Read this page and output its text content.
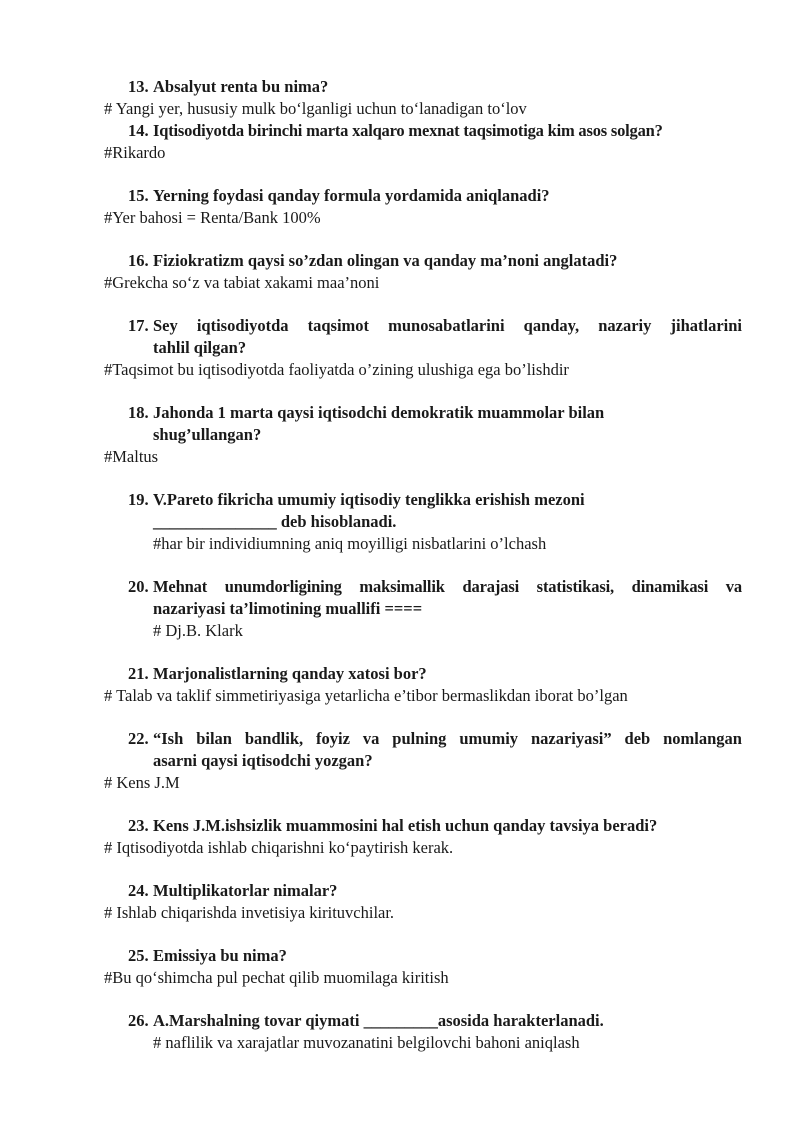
13. Absalyut renta bu nima?
# Yangi yer, hususiy mulk bo‘lganligi uchun to‘lanadigan to‘lov
14. Iqtisodiyotda birinchi marta xalqaro mexnat taqsimotiga kim asos solgan?
#Rikardo
15. Yerning foydasi qanday formula yordamida aniqlanadi?
#Yer bahosi = Renta/Bank 100%
16. Fiziokratizm qaysi so’zdan olingan va qanday ma’noni anglatadi?
#Grekcha so‘z va tabiat xakami maa’noni
17. Sey iqtisodiyotda taqsimot munosabatlarini qanday, nazariy jihatlarini
tahlil qilgan?
#Taqsimot bu iqtisodiyotda faoliyatda o’zining ulushiga ega bo’lishdir
18. Jahonda 1 marta qaysi iqtisodchi demokratik muammolar bilan
shug’ullangan?
#Maltus
19. V.Pareto fikricha umumiy iqtisodiy tenglikka erishish mezoni
_______________ deb hisoblanadi.
#har bir individiumning aniq moyilligi nisbatlarini o’lchash
20. Mehnat unumdorligining maksimallik darajasi statistikasi, dinamikasi va
nazariyasi ta’limotining muallifi ====
# Dj.B. Klark
21. Marjonalistlarning qanday xatosi bor?
# Talab va taklif simmetiriyasiga yetarlicha e’tibor bermaslikdan iborat bo’lgan
22. “Ish bilan bandlik, foyiz va pulning umumiy nazariyasi” deb nomlangan
asarni qaysi iqtisodchi yozgan?
# Kens J.M
23. Kens J.M.ishsizlik muammosini hal etish uchun qanday tavsiya beradi?
# Iqtisodiyotda ishlab chiqarishni ko‘paytirish kerak.
24. Multiplikatorlar nimalar?
# Ishlab chiqarishda invetisiya kirituvchilar.
25. Emissiya bu nima?
#Bu qo‘shimcha pul pechat qilib muomilaga kiritish
26. A.Marshalning tovar qiymati _________asosida harakterlanadi.
# naflilik va xarajatlar muvozanatini belgilovchi bahoni aniqlash
